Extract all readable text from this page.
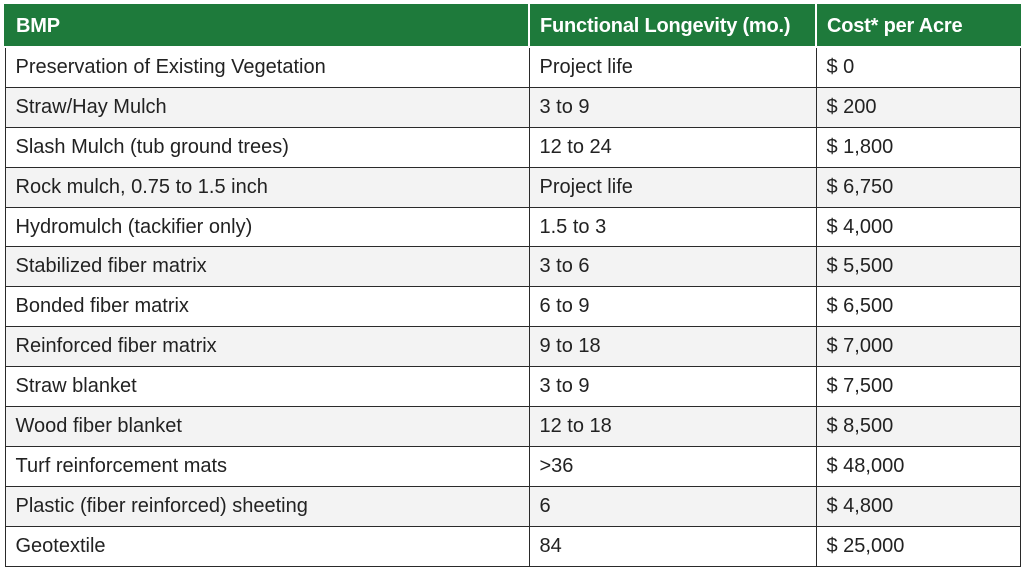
BMP	Functional Longevity (mo.)	Cost* per Acre
Preservation of Existing Vegetation	Project life	$ 0
Straw/Hay Mulch	3 to 9	$ 200
Slash Mulch (tub ground trees)	12 to 24	$ 1,800
Rock mulch, 0.75 to 1.5 inch	Project life	$ 6,750
Hydromulch (tackifier only)	1.5 to 3	$ 4,000
Stabilized fiber matrix	3 to 6	$ 5,500
Bonded fiber matrix	6 to 9	$ 6,500
Reinforced fiber matrix	9 to 18	$ 7,000
Straw blanket	3 to 9	$ 7,500
Wood fiber blanket	12 to 18	$ 8,500
Turf reinforcement mats	>36	$ 48,000
Plastic (fiber reinforced) sheeting	6	$ 4,800
Geotextile	84	$ 25,000
